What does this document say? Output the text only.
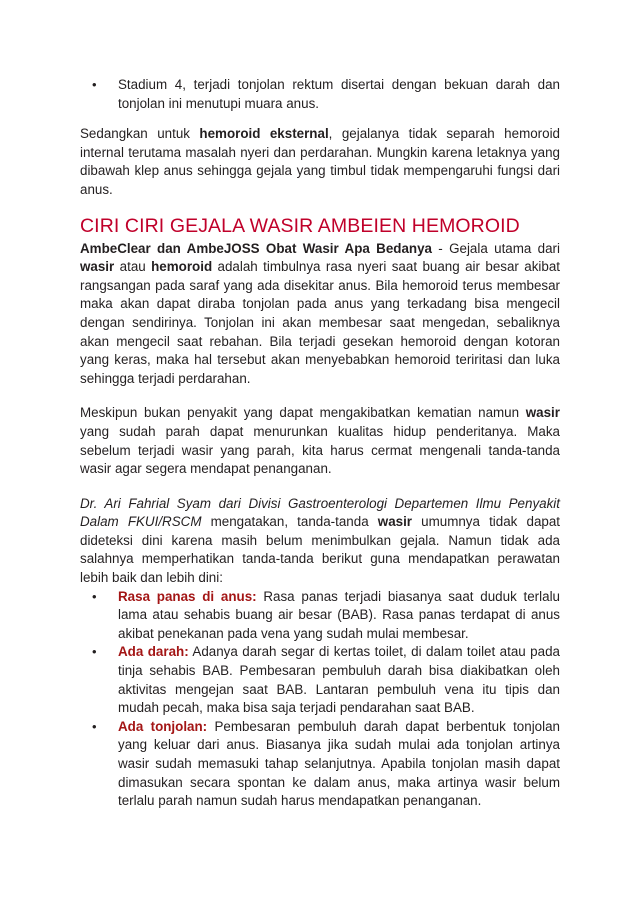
• Stadium 4, terjadi tonjolan rektum disertai dengan bekuan darah dan tonjolan ini menutupi muara anus.

Sedangkan untuk hemoroid eksternal, gejalanya tidak separah hemoroid internal terutama masalah nyeri dan perdarahan. Mungkin karena letaknya yang dibawah klep anus sehingga gejala yang timbul tidak mempengaruhi fungsi dari anus.

CIRI CIRI GEJALA WASIR AMBEIEN HEMOROID

AmbeClear dan AmbeJOSS Obat Wasir Apa Bedanya - Gejala utama dari wasir atau hemoroid adalah timbulnya rasa nyeri saat buang air besar akibat rangsangan pada saraf yang ada disekitar anus. Bila hemoroid terus membesar maka akan dapat diraba tonjolan pada anus yang terkadang bisa mengecil dengan sendirinya. Tonjolan ini akan membesar saat mengedan, sebaliknya akan mengecil saat rebahan. Bila terjadi gesekan hemoroid dengan kotoran yang keras, maka hal tersebut akan menyebabkan hemoroid teriritasi dan luka sehingga terjadi perdarahan.

Meskipun bukan penyakit yang dapat mengakibatkan kematian namun wasir yang sudah parah dapat menurunkan kualitas hidup penderitanya. Maka sebelum terjadi wasir yang parah, kita harus cermat mengenali tanda-tanda wasir agar segera mendapat penanganan.

Dr. Ari Fahrial Syam dari Divisi Gastroenterologi Departemen Ilmu Penyakit Dalam FKUI/RSCM mengatakan, tanda-tanda wasir umumnya tidak dapat dideteksi dini karena masih belum menimbulkan gejala. Namun tidak ada salahnya memperhatikan tanda-tanda berikut guna mendapatkan perawatan lebih baik dan lebih dini:

• Rasa panas di anus: Rasa panas terjadi biasanya saat duduk terlalu lama atau sehabis buang air besar (BAB). Rasa panas terdapat di anus akibat penekanan pada vena yang sudah mulai membesar.
• Ada darah: Adanya darah segar di kertas toilet, di dalam toilet atau pada tinja sehabis BAB. Pembesaran pembuluh darah bisa diakibatkan oleh aktivitas mengejan saat BAB. Lantaran pembuluh vena itu tipis dan mudah pecah, maka bisa saja terjadi pendarahan saat BAB.
• Ada tonjolan: Pembesaran pembuluh darah dapat berbentuk tonjolan yang keluar dari anus. Biasanya jika sudah mulai ada tonjolan artinya wasir sudah memasuki tahap selanjutnya. Apabila tonjolan masih dapat dimasukan secara spontan ke dalam anus, maka artinya wasir belum terlalu parah namun sudah harus mendapatkan penanganan.
